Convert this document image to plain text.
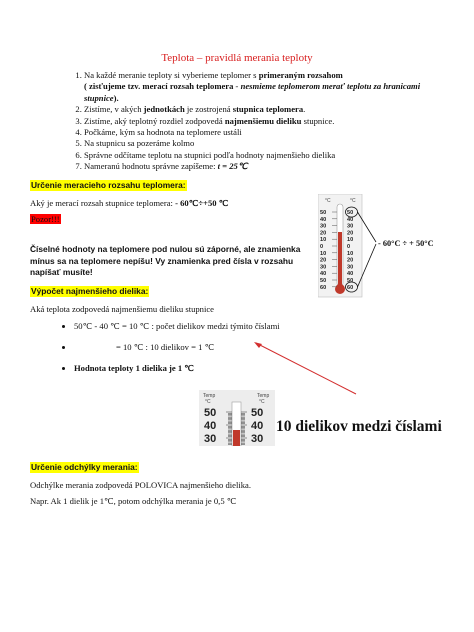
Teplota – pravidlá merania teploty
1. Na každé meranie teploty si vyberieme teplomer s primeraným rozsahom
( zisťujeme tzv. merací rozsah teplomera - nesmieme teplomerom merať teplotu za hranicami stupnice).
2. Zistíme, v akých jednotkách je zostrojená stupnica teplomera.
3. Zistíme, aký teplotný rozdiel zodpovedá najmenšiemu dieliku stupnice.
4. Počkáme, kým sa hodnota na teplomere ustáli
5. Na stupnicu sa pozeráme kolmo
6. Správne odčítame teplotu na stupnici podľa hodnoty najmenšieho dielika
7. Nameranú hodnotu správne zapíšeme: t = 25℃
Určenie meracieho rozsahu teplomera:
Aký je merací rozsah stupnice teplomera: - 60℃÷+50 ℃
Pozor!!!
Číselné hodnoty na teplomere pod nulou sú záporné, ale znamienka mínus sa na teplomere nepíšu! Vy znamienka pred čísla v rozsahu napíšať musíte!
°C	°C
50	50
40	40
30	30
20	20
10	10
0	0
10	10
20	20
30	30
40	40
50	50
60	60
- 60°C ÷ + 50°C
Výpočet najmenšieho dielika:
Aká teplota zodpovedá najmenšiemu dieliku stupnice
• 50℃ - 40 ℃ = 10 ℃ : počet dielikov medzi týmito číslami
• = 10 ℃ : 10 dielikov = 1 ℃
• Hodnota teploty 1 dielika je 1 ℃
Temp
°C
Temp
°C
50	50
40	40
30	30
10 dielikov medzi číslami
Určenie odchýlky merania:
Odchýlke merania zodpovedá POLOVICA najmenšieho dielika.
Napr. Ak 1 dielik je 1℃, potom odchýlka merania je 0,5 ℃
